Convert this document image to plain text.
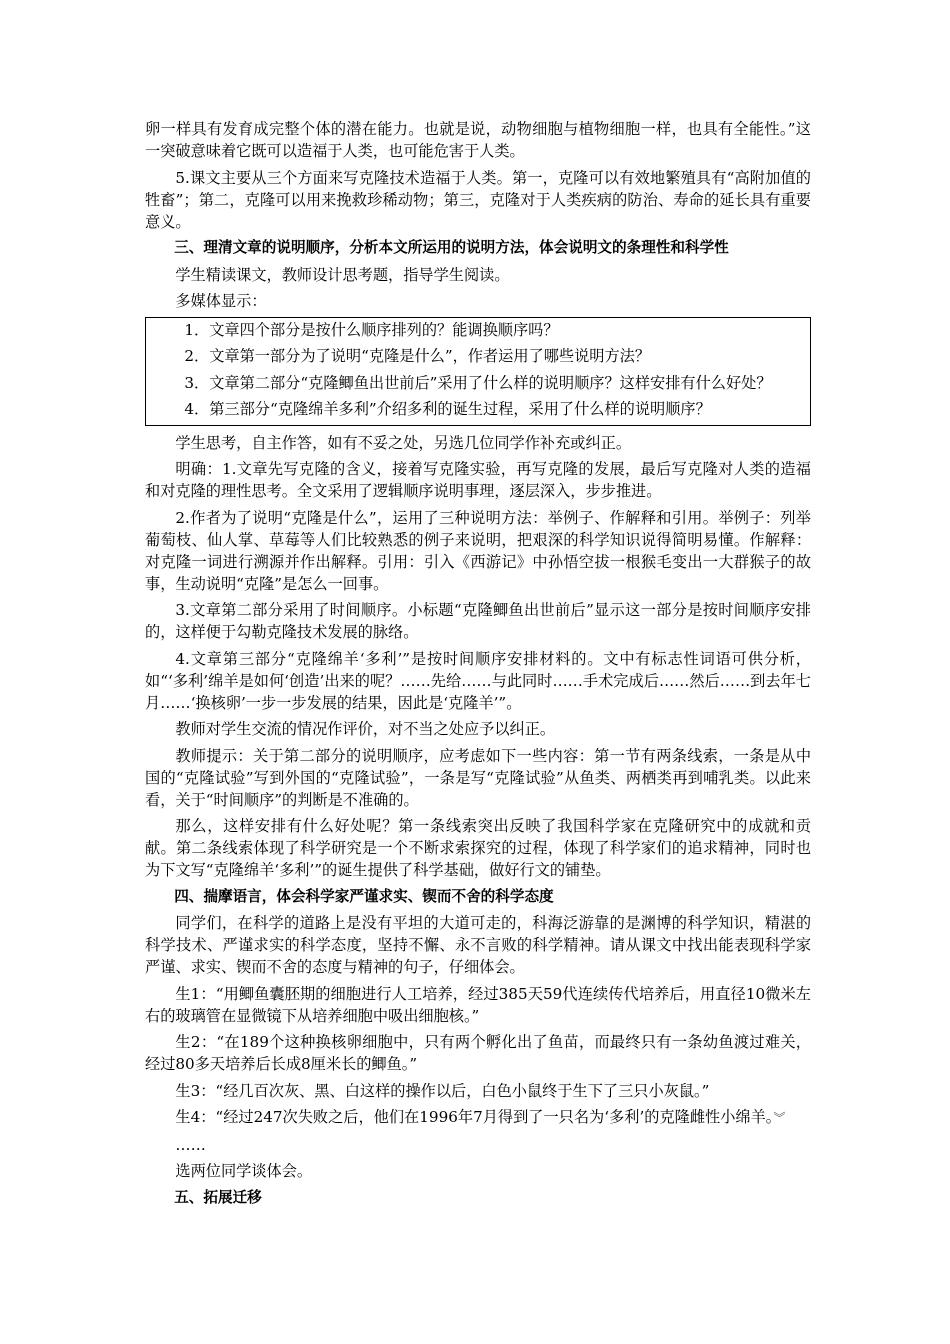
卵一样具有发育成完整个体的潜在能力。也就是说，动物细胞与植物细胞一样，也具有全能性。”这一突破意味着它既可以造福于人类，也可能危害于人类。

5.课文主要从三个方面来写克隆技术造福于人类。第一，克隆可以有效地繁殖具有“高附加值的牲畜”；第二，克隆可以用来挽救珍稀动物；第三，克隆对于人类疾病的防治、寿命的延长具有重要意义。

三、理清文章的说明顺序，分析本文所运用的说明方法，体会说明文的条理性和科学性

学生精读课文，教师设计思考题，指导学生阅读。

多媒体显示：

1．文章四个部分是按什么顺序排列的？能调换顺序吗？

2．文章第一部分为了说明“克隆是什么”，作者运用了哪些说明方法？

3．文章第二部分“克隆鲫鱼出世前后”采用了什么样的说明顺序？这样安排有什么好处？

4．第三部分“克隆绵羊多利”介绍多利的诞生过程，采用了什么样的说明顺序？

学生思考，自主作答，如有不妥之处，另选几位同学作补充或纠正。

明确：1.文章先写克隆的含义，接着写克隆实验，再写克隆的发展，最后写克隆对人类的造福和对克隆的理性思考。全文采用了逻辑顺序说明事理，逐层深入，步步推进。

2.作者为了说明“克隆是什么”，运用了三种说明方法：举例子、作解释和引用。举例子：列举葡萄枝、仙人掌、草莓等人们比较熟悉的例子来说明，把艰深的科学知识说得简明易懂。作解释：对克隆一词进行溯源并作出解释。引用：引入《西游记》中孙悟空拔一根猴毛变出一大群猴子的故事，生动说明“克隆”是怎么一回事。

3.文章第二部分采用了时间顺序。小标题“克隆鲫鱼出世前后”显示这一部分是按时间顺序安排的，这样便于勾勒克隆技术发展的脉络。

4.文章第三部分“克隆绵羊‘多利’”是按时间顺序安排材料的。文中有标志性词语可供分析，如“‘多利’绵羊是如何‘创造’出来的呢？……先给……与此同时……手术完成后……然后……到去年七月……‘换核卵’一步一步发展的结果，因此是‘克隆羊’”。

教师对学生交流的情况作评价，对不当之处应予以纠正。

教师提示：关于第二部分的说明顺序，应考虑如下一些内容：第一节有两条线索，一条是从中国的“克隆试验”写到外国的“克隆试验”，一条是写“克隆试验”从鱼类、两栖类再到哺乳类。以此来看，关于“时间顺序”的判断是不准确的。

那么，这样安排有什么好处呢？第一条线索突出反映了我国科学家在克隆研究中的成就和贡献。第二条线索体现了科学研究是一个不断求索探究的过程，体现了科学家们的追求精神，同时也为下文写“克隆绵羊‘多利’”的诞生提供了科学基础，做好行文的铺垫。

四、揣摩语言，体会科学家严谨求实、锲而不舍的科学态度

同学们，在科学的道路上是没有平坦的大道可走的，科海泛游靠的是渊博的科学知识，精湛的科学技术、严谨求实的科学态度，坚持不懈、永不言败的科学精神。请从课文中找出能表现科学家严谨、求实、锲而不舍的态度与精神的句子，仔细体会。

生1：“用鲫鱼囊胚期的细胞进行人工培养，经过385天59代连续传代培养后，用直径10微米左右的玻璃管在显微镜下从培养细胞中吸出细胞核。”

生2：“在189个这种换核卵细胞中，只有两个孵化出了鱼苗，而最终只有一条幼鱼渡过难关，经过80多天培养后长成8厘米长的鲫鱼。”

生3：“经几百次灰、黑、白这样的操作以后，白色小鼠终于生下了三只小灰鼠。”

生4：“经过247次失败之后，他们在1996年7月得到了一只名为‘多利’的克隆雌性小绵羊。︾

……

选两位同学谈体会。

五、拓展迁移
